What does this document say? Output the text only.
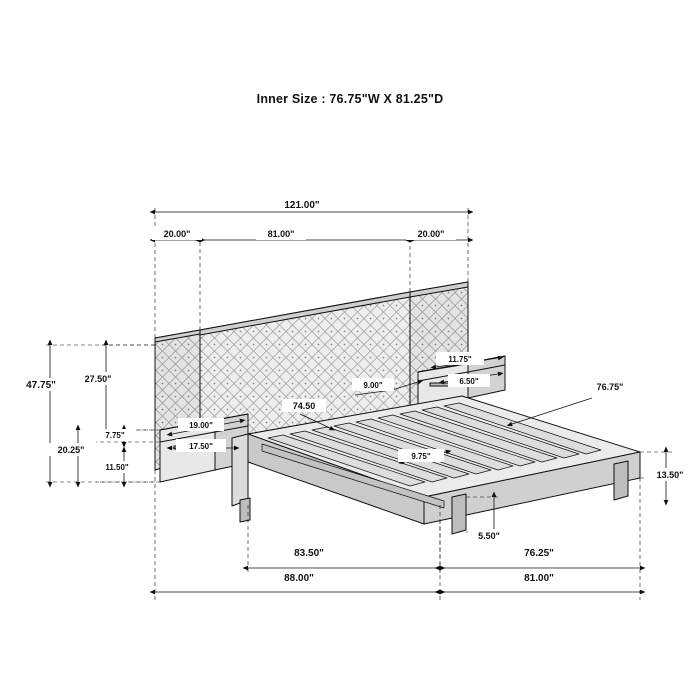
Inner Size : 76.75"W X 81.25"D
121.00"
20.00"	81.00"	20.00"
47.75"
27.50"
20.25"
7.75"
11.50"
19.00"
17.50"
9.00"
11.75"
6.50"
74.50
76.75"
9.75"
13.50"
5.50"
83.50"	76.25"
88.00"	81.00"
